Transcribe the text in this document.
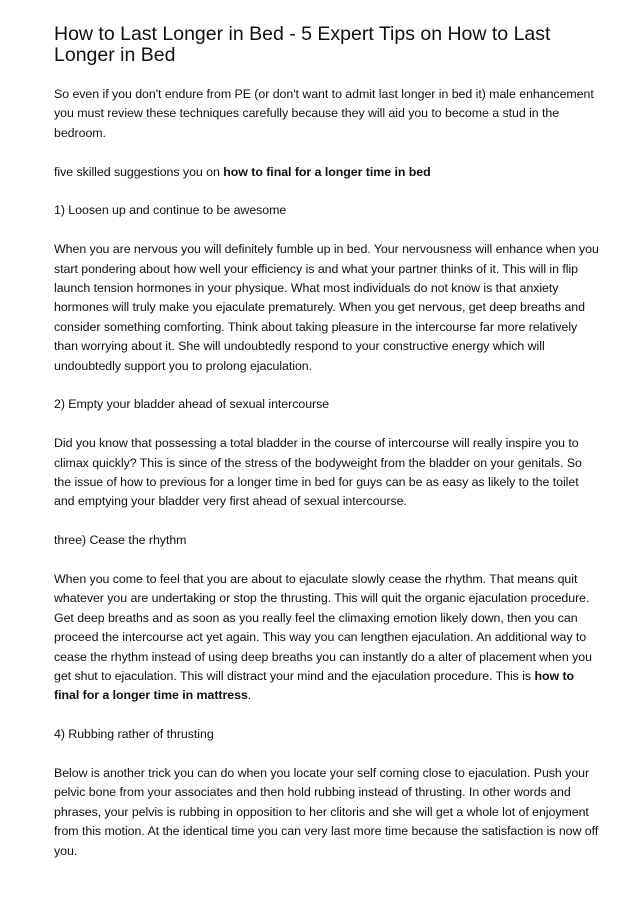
How to Last Longer in Bed - 5 Expert Tips on How to Last Longer in Bed

So even if you don't endure from PE (or don't want to admit last longer in bed it) male enhancement you must review these techniques carefully because they will aid you to become a stud in the bedroom.

five skilled suggestions you on how to final for a longer time in bed

1) Loosen up and continue to be awesome

When you are nervous you will definitely fumble up in bed. Your nervousness will enhance when you start pondering about how well your efficiency is and what your partner thinks of it. This will in flip launch tension hormones in your physique. What most individuals do not know is that anxiety hormones will truly make you ejaculate prematurely. When you get nervous, get deep breaths and consider something comforting. Think about taking pleasure in the intercourse far more relatively than worrying about it. She will undoubtedly respond to your constructive energy which will undoubtedly support you to prolong ejaculation.

2) Empty your bladder ahead of sexual intercourse

Did you know that possessing a total bladder in the course of intercourse will really inspire you to climax quickly? This is since of the stress of the bodyweight from the bladder on your genitals. So the issue of how to previous for a longer time in bed for guys can be as easy as likely to the toilet and emptying your bladder very first ahead of sexual intercourse.

three) Cease the rhythm

When you come to feel that you are about to ejaculate slowly cease the rhythm. That means quit whatever you are undertaking or stop the thrusting. This will quit the organic ejaculation procedure. Get deep breaths and as soon as you really feel the climaxing emotion likely down, then you can proceed the intercourse act yet again. This way you can lengthen ejaculation. An additional way to cease the rhythm instead of using deep breaths you can instantly do a alter of placement when you get shut to ejaculation. This will distract your mind and the ejaculation procedure. This is how to final for a longer time in mattress.

4) Rubbing rather of thrusting

Below is another trick you can do when you locate your self coming close to ejaculation. Push your pelvic bone from your associates and then hold rubbing instead of thrusting. In other words and phrases, your pelvis is rubbing in opposition to her clitoris and she will get a whole lot of enjoyment from this motion. At the identical time you can very last more time because the satisfaction is now off you.
